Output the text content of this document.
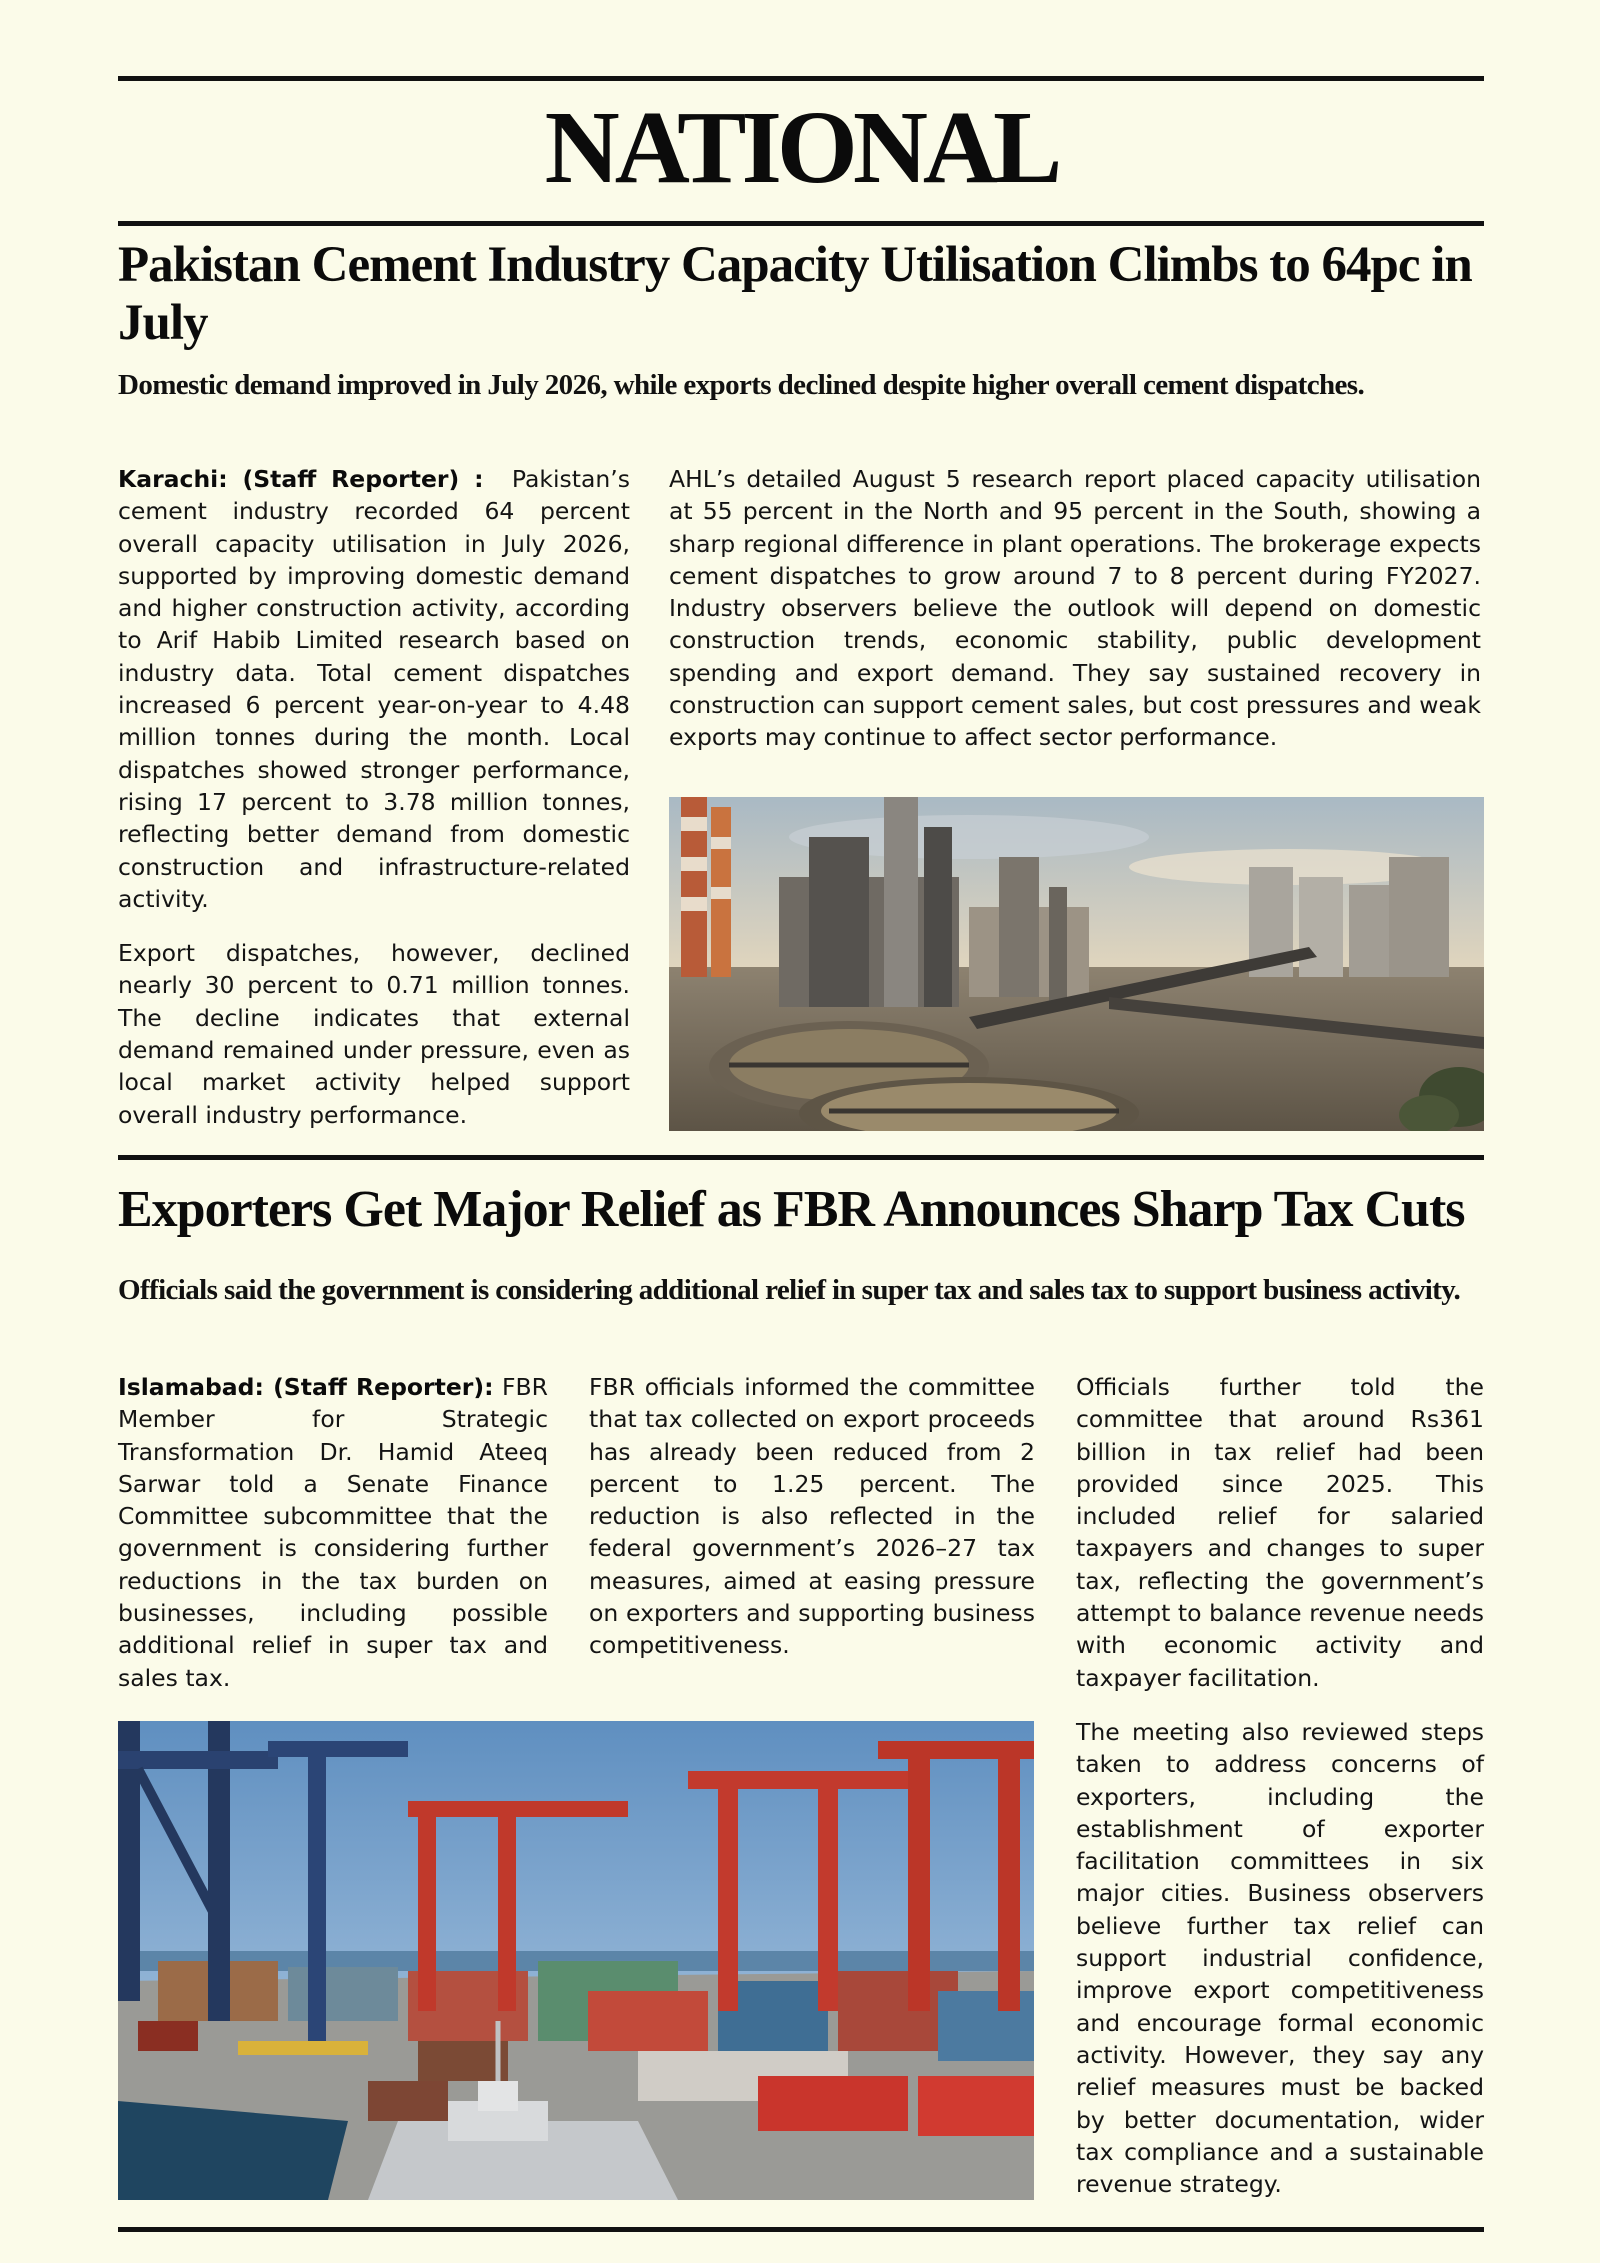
NATIONAL
Pakistan Cement Industry Capacity Utilisation Climbs to 64pc in July
Domestic demand improved in July 2026, while exports declined despite higher overall cement dispatches.

Karachi: (Staff Reporter) : Pakistan’s cement industry recorded 64 percent overall capacity utilisation in July 2026, supported by improving domestic demand and higher construction activity, according to Arif Habib Limited research based on industry data. Total cement dispatches increased 6 percent year-on-year to 4.48 million tonnes during the month. Local dispatches showed stronger performance, rising 17 percent to 3.78 million tonnes, reflecting better demand from domestic construction and infrastructure-related activity.

Export dispatches, however, declined nearly 30 percent to 0.71 million tonnes. The decline indicates that external demand remained under pressure, even as local market activity helped support overall industry performance.

AHL’s detailed August 5 research report placed capacity utilisation at 55 percent in the North and 95 percent in the South, showing a sharp regional difference in plant operations. The brokerage expects cement dispatches to grow around 7 to 8 percent during FY2027. Industry observers believe the outlook will depend on domestic construction trends, economic stability, public development spending and export demand. They say sustained recovery in construction can support cement sales, but cost pressures and weak exports may continue to affect sector performance.

Exporters Get Major Relief as FBR Announces Sharp Tax Cuts
Officials said the government is considering additional relief in super tax and sales tax to support business activity.

Islamabad: (Staff Reporter): FBR Member for Strategic Transformation Dr. Hamid Ateeq Sarwar told a Senate Finance Committee subcommittee that the government is considering further reductions in the tax burden on businesses, including possible additional relief in super tax and sales tax.

FBR officials informed the committee that tax collected on export proceeds has already been reduced from 2 percent to 1.25 percent. The reduction is also reflected in the federal government’s 2026–27 tax measures, aimed at easing pressure on exporters and supporting business competitiveness.

Officials further told the committee that around Rs361 billion in tax relief had been provided since 2025. This included relief for salaried taxpayers and changes to super tax, reflecting the government’s attempt to balance revenue needs with economic activity and taxpayer facilitation.

The meeting also reviewed steps taken to address concerns of exporters, including the establishment of exporter facilitation committees in six major cities. Business observers believe further tax relief can support industrial confidence, improve export competitiveness and encourage formal economic activity. However, they say any relief measures must be backed by better documentation, wider tax compliance and a sustainable revenue strategy.
